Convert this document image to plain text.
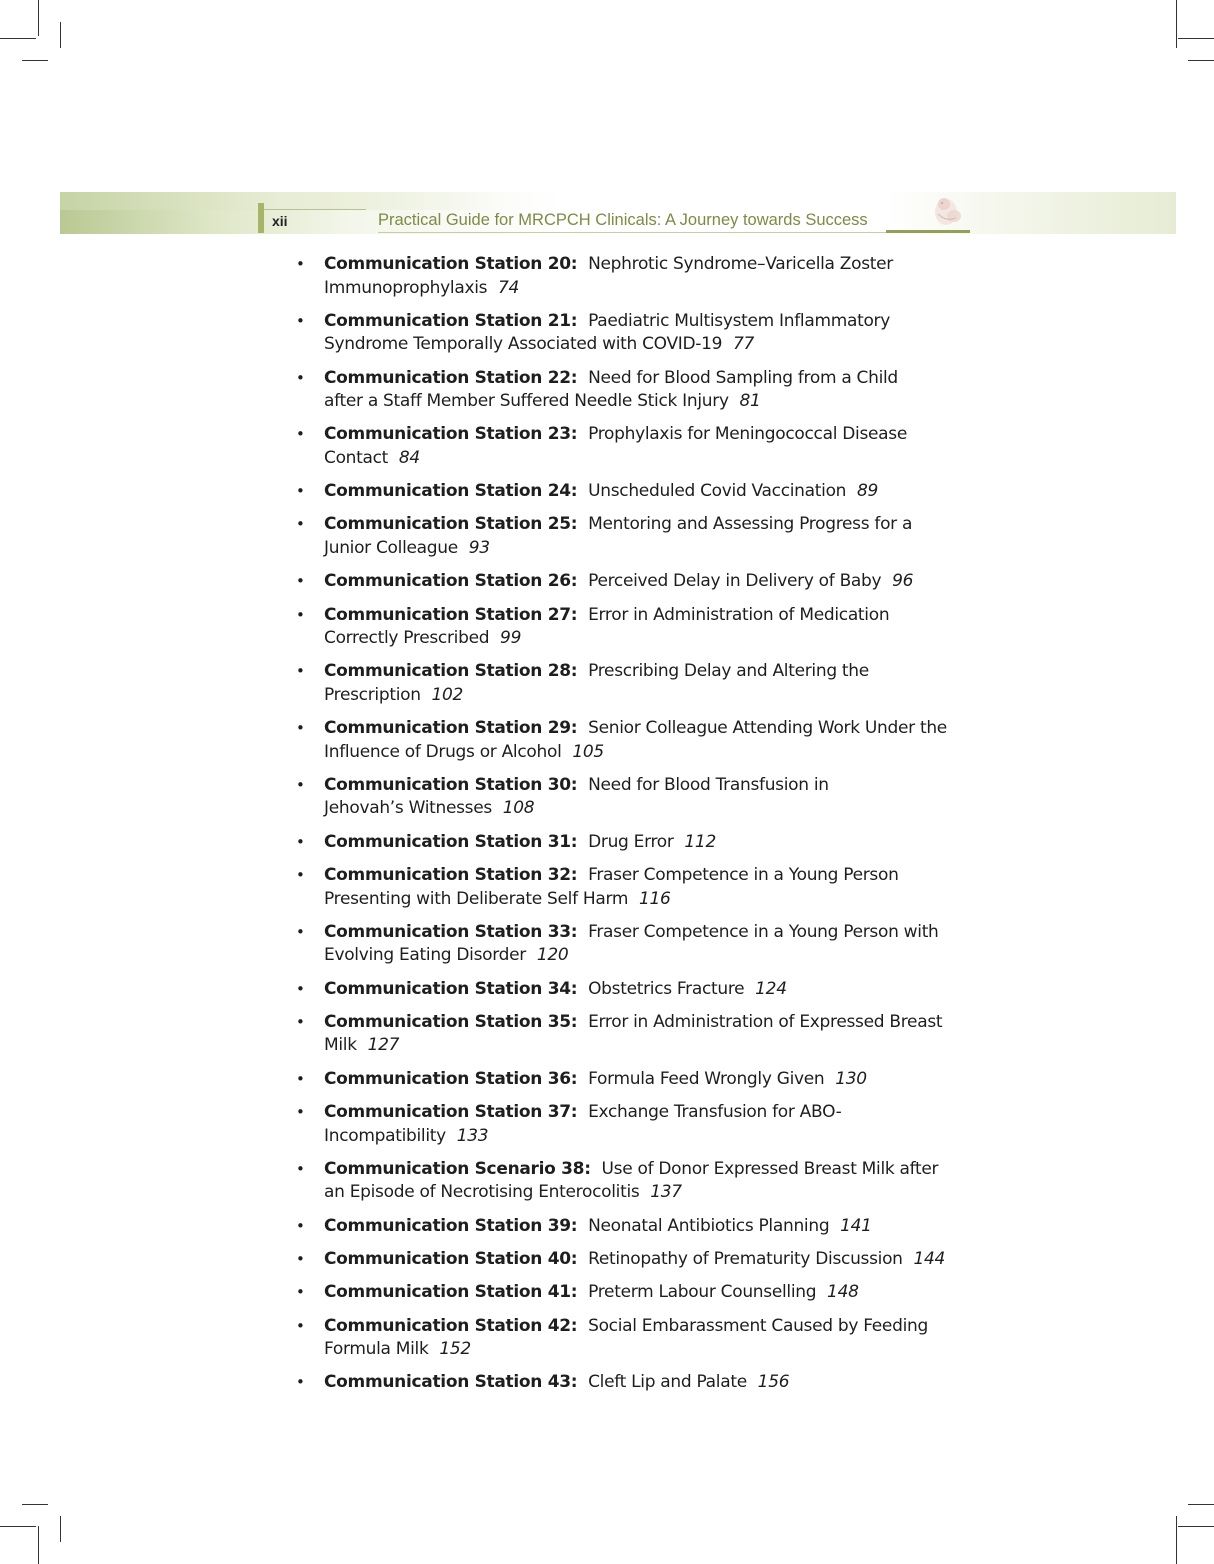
xii	Practical Guide for MRCPCH Clinicals: A Journey towards Success
• Communication Station 20: Nephrotic Syndrome–Varicella Zoster
Immunoprophylaxis 74
• Communication Station 21: Paediatric Multisystem Inflammatory
Syndrome Temporally Associated with COVID-19 77
• Communication Station 22: Need for Blood Sampling from a Child
after a Staff Member Suffered Needle Stick Injury 81
• Communication Station 23: Prophylaxis for Meningococcal Disease Contact 84
• Communication Station 24: Unscheduled Covid Vaccination 89
• Communication Station 25: Mentoring and Assessing Progress for a
Junior Colleague 93
• Communication Station 26: Perceived Delay in Delivery of Baby 96
• Communication Station 27: Error in Administration of Medication
Correctly Prescribed 99
• Communication Station 28: Prescribing Delay and Altering the Prescription 102
• Communication Station 29: Senior Colleague Attending Work Under the
Influence of Drugs or Alcohol 105
• Communication Station 30: Need for Blood Transfusion in
Jehovah’s Witnesses 108
• Communication Station 31: Drug Error 112
• Communication Station 32: Fraser Competence in a Young Person
Presenting with Deliberate Self Harm 116
• Communication Station 33: Fraser Competence in a Young Person with
Evolving Eating Disorder 120
• Communication Station 34: Obstetrics Fracture 124
• Communication Station 35: Error in Administration of Expressed Breast Milk 127
• Communication Station 36: Formula Feed Wrongly Given 130
• Communication Station 37: Exchange Transfusion for ABO-Incompatibility 133
• Communication Scenario 38: Use of Donor Expressed Breast Milk after
an Episode of Necrotising Enterocolitis 137
• Communication Station 39: Neonatal Antibiotics Planning 141
• Communication Station 40: Retinopathy of Prematurity Discussion 144
• Communication Station 41: Preterm Labour Counselling 148
• Communication Station 42: Social Embarassment Caused by Feeding
Formula Milk 152
• Communication Station 43: Cleft Lip and Palate 156
